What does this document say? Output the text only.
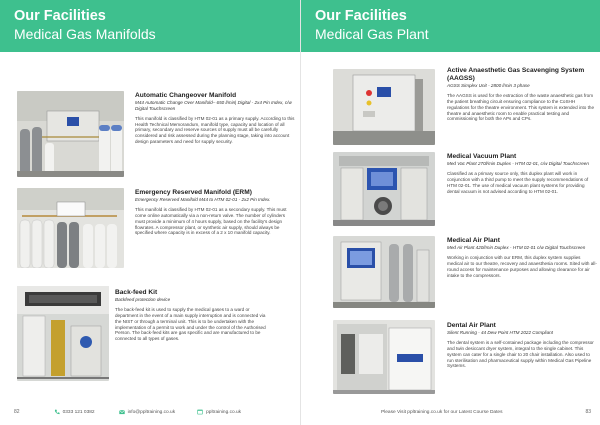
Our Facilities
Medical Gas Manifolds
Automatic Changeover Manifold
M44 Automatic Change Over Manifold– 650 l/min| Digital - 2x4 Pin Index, c/w Digital Touchscreen
This manifold is classified by HTM 02-01 as a primary supply. According to this Health Technical Memorandum, manifold type, capacity and location of all primary, secondary and reserve sources of supply must all be carefully considered and risk assessed during the planning stage, taking into account design parameters and need for supply security.
Emergency Reserved Manifold (ERM)
Emergency Reserved Manifold M44 to HTM 02-01 - 2x2 Pin Index.
This manifold is classified by HTM 02-01 as a secondary supply. This must come online automatically via a non-return valve. The number of cylinders must provide a minimum of 4 hours supply, based on the facility's design flowrates. A compressor plant, or synthetic air supply, should always be specified where capacity is in excess of a 2 x 10 manifold capacity.
Back-feed Kit
Backfeed protection device
The back-feed kit is used to supply the medical gases to a ward or department in the event of a main supply interruption and is connected via the NIST or through a terminal unit. This is to be undertaken with the implementation of a permit to work and under the control of the Authorised Person. The back-feed kits are gas specific and are manufactured to be connected to all types of gases.
82	0333 121 0382	info@ppltraining.co.uk	ppltraining.co.uk
Our Facilities
Medical Gas Plant
Active Anaesthetic Gas Scavenging System (AAGSS)
AGSS Simplex Unit - 2800 l/min 3 phase
The AAGSS is used for the extraction of the waste anaesthetic gas from the patient breathing circuit ensuring compliance to the CoSHH regulations for the theatre environment. This system is extended into the theatre and anaesthetic room to enable practical testing and commissioning for both the APs and CPs.
Medical Vacuum Plant
Med Vac Plant 270l/min Duplex - HTM 02-01, c/w Digital Touchscreen
Classified as a primary source only, this duplex plant will work in conjunction with a third pump to meet the supply recommendations of HTM 02-01. The use of medical vacuum plant systems for providing dental vacuum is not advised according to HTM 02-01.
Medical Air Plant
Med Air Plant 420l/min Duplex - HTM 02-01 c/w Digital Touchscreen
Working in conjunction with our ERM, this duplex system supplies medical air to our theatre, recovery and anaesthesia rooms. Sited with all-round access for maintenance purposes and allowing clearance for air intake to the compressors.
Dental Air Plant
Silent Running - 44 Dew Point HTM 2022 Compliant
The dental system is a self-contained package including the compressor and twin desiccant dryer system, integral to the single cabinet. This system can cater for a single chair to 20 chair installation. Also used to run sterilisation and pharmaceutical supply within Medical Gas Pipeline Systems.
Please Visit ppltraining.co.uk for our Latest Course Dates	83
